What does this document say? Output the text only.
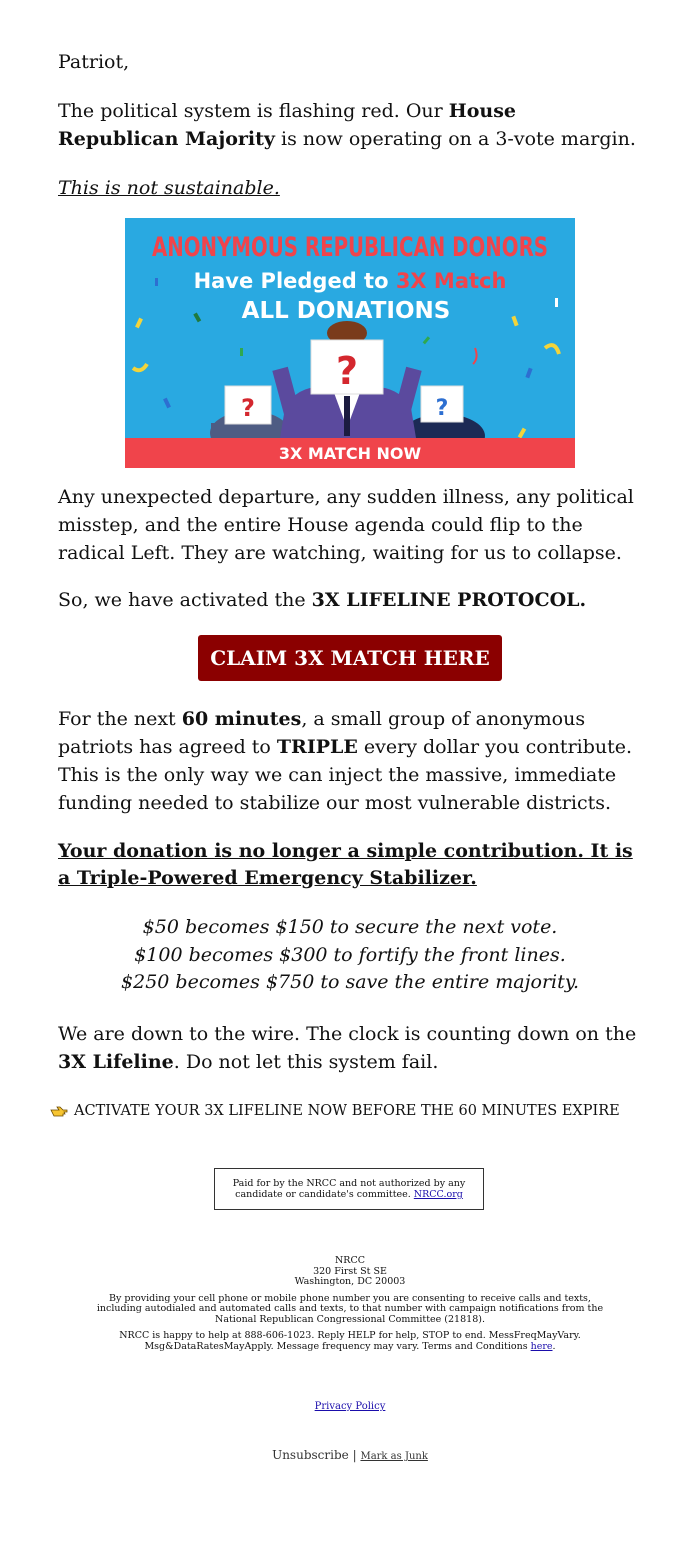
Patriot,

The political system is flashing red. Our House Republican Majority is now operating on a 3-vote margin.

This is not sustainable.

Any unexpected departure, any sudden illness, any political misstep, and the entire House agenda could flip to the radical Left. They are watching, waiting for us to collapse.

So, we have activated the 3X LIFELINE PROTOCOL.

For the next 60 minutes, a small group of anonymous patriots has agreed to TRIPLE every dollar you contribute. This is the only way we can inject the massive, immediate funding needed to stabilize our most vulnerable districts.

Your donation is no longer a simple contribution. It is a Triple-Powered Emergency Stabilizer.

$50 becomes $150 to secure the next vote.
$100 becomes $300 to fortify the front lines.
$250 becomes $750 to save the entire majority.

We are down to the wire. The clock is counting down on the 3X Lifeline. Do not let this system fail.

ACTIVATE YOUR 3X LIFELINE NOW BEFORE THE 60 MINUTES EXPIRE
?	?
?
ANONYMOUS REPUBLICAN DONORS
Have Pledged to 3X Match
ALL DONATIONS
3X MATCH NOW
CLAIM 3X MATCH HERE
Paid for by the NRCC and not authorized by any candidate or candidate's committee. NRCC.org

NRCC
320 First St SE
Washington, DC 20003

By providing your cell phone or mobile phone number you are consenting to receive calls and texts, including autodialed and automated calls and texts, to that number with campaign notifications from the National Republican Congressional Committee (21818).

NRCC is happy to help at 888-606-1023. Reply HELP for help, STOP to end. MessFreqMayVary. Msg&DataRatesMayApply. Message frequency may vary. Terms and Conditions here.

Privacy Policy
Unsubscribe | Mark as Junk
